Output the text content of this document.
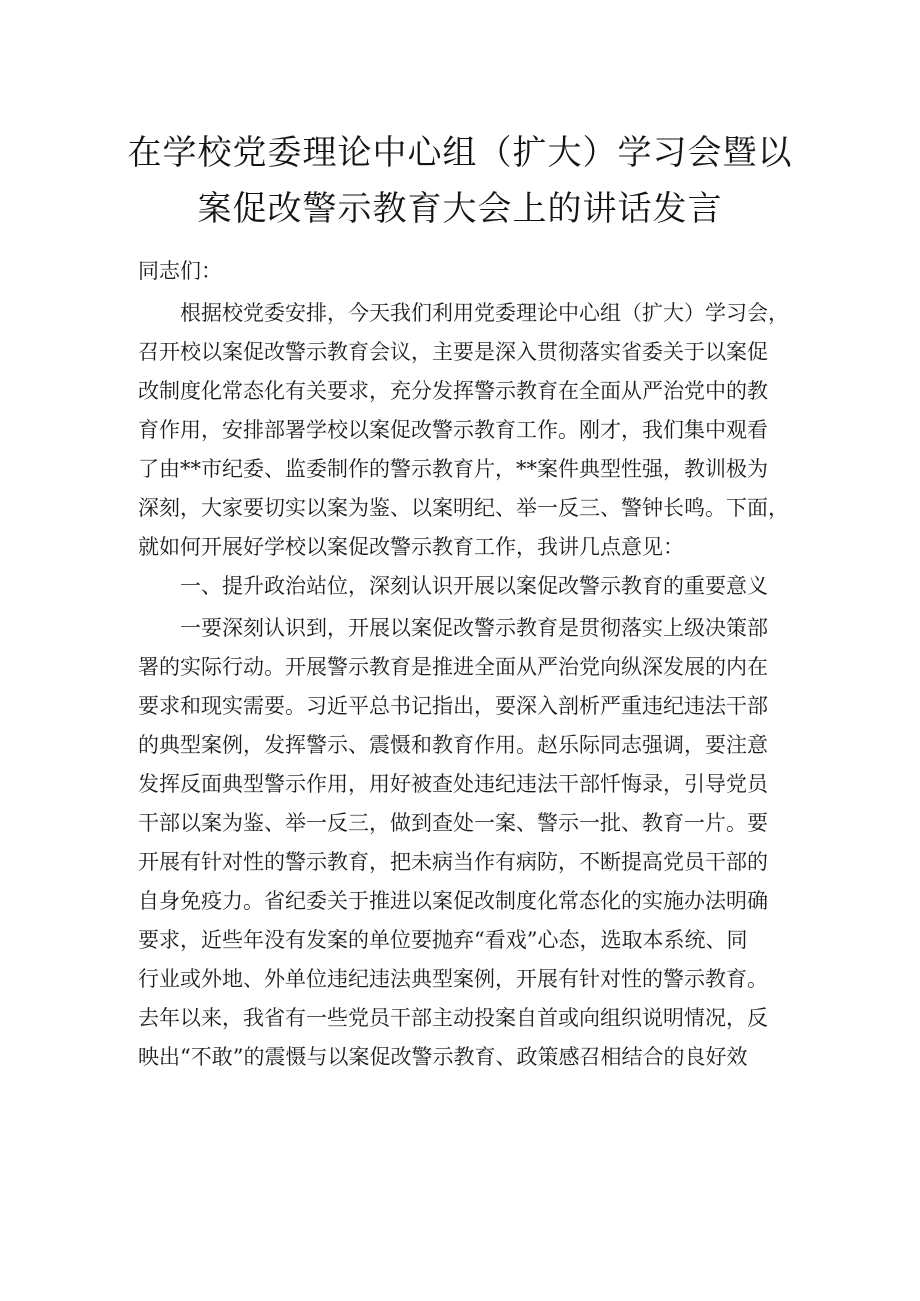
在学校党委理论中心组（扩大）学习会暨以
案促改警示教育大会上的讲话发言

同志们：

　　根据校党委安排，今天我们利用党委理论中心组（扩大）学习会，
召开校以案促改警示教育会议，主要是深入贯彻落实省委关于以案促
改制度化常态化有关要求，充分发挥警示教育在全面从严治党中的教
育作用，安排部署学校以案促改警示教育工作。刚才，我们集中观看
了由**市纪委、监委制作的警示教育片，**案件典型性强，教训极为
深刻，大家要切实以案为鉴、以案明纪、举一反三、警钟长鸣。下面，
就如何开展好学校以案促改警示教育工作，我讲几点意见：
　　一、提升政治站位，深刻认识开展以案促改警示教育的重要意义
　　一要深刻认识到，开展以案促改警示教育是贯彻落实上级决策部
署的实际行动。开展警示教育是推进全面从严治党向纵深发展的内在
要求和现实需要。习近平总书记指出，要深入剖析严重违纪违法干部
的典型案例，发挥警示、震慑和教育作用。赵乐际同志强调，要注意
发挥反面典型警示作用，用好被查处违纪违法干部忏悔录，引导党员
干部以案为鉴、举一反三，做到查处一案、警示一批、教育一片。要
开展有针对性的警示教育，把未病当作有病防，不断提高党员干部的
自身免疫力。省纪委关于推进以案促改制度化常态化的实施办法明确
要求，近些年没有发案的单位要抛弃“看戏”心态，选取本系统、同
行业或外地、外单位违纪违法典型案例，开展有针对性的警示教育。
去年以来，我省有一些党员干部主动投案自首或向组织说明情况，反
映出“不敢”的震慑与以案促改警示教育、政策感召相结合的良好效
